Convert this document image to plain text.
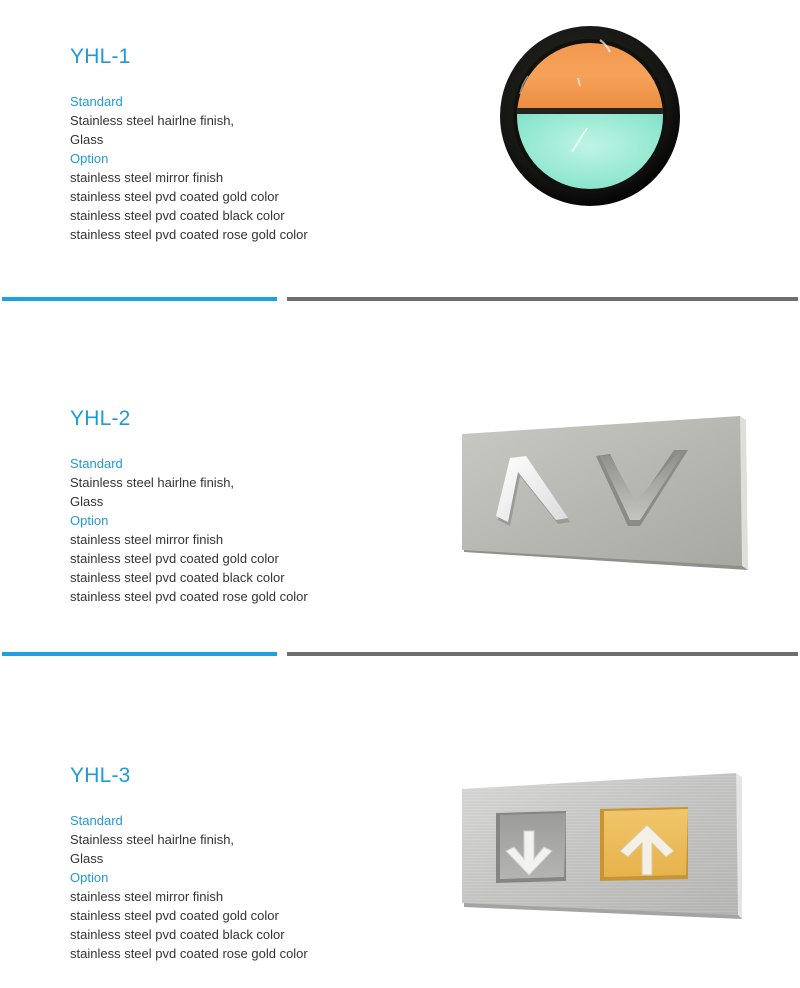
YHL-1
Standard
Stainless steel hairlne finish,
Glass
Option
stainless steel mirror finish
stainless steel pvd coated gold color
stainless steel pvd coated black color
stainless steel pvd coated rose gold color
YHL-2
Standard
Stainless steel hairlne finish,
Glass
Option
stainless steel mirror finish
stainless steel pvd coated gold color
stainless steel pvd coated black color
stainless steel pvd coated rose gold color
YHL-3
Standard
Stainless steel hairlne finish,
Glass
Option
stainless steel mirror finish
stainless steel pvd coated gold color
stainless steel pvd coated black color
stainless steel pvd coated rose gold color
